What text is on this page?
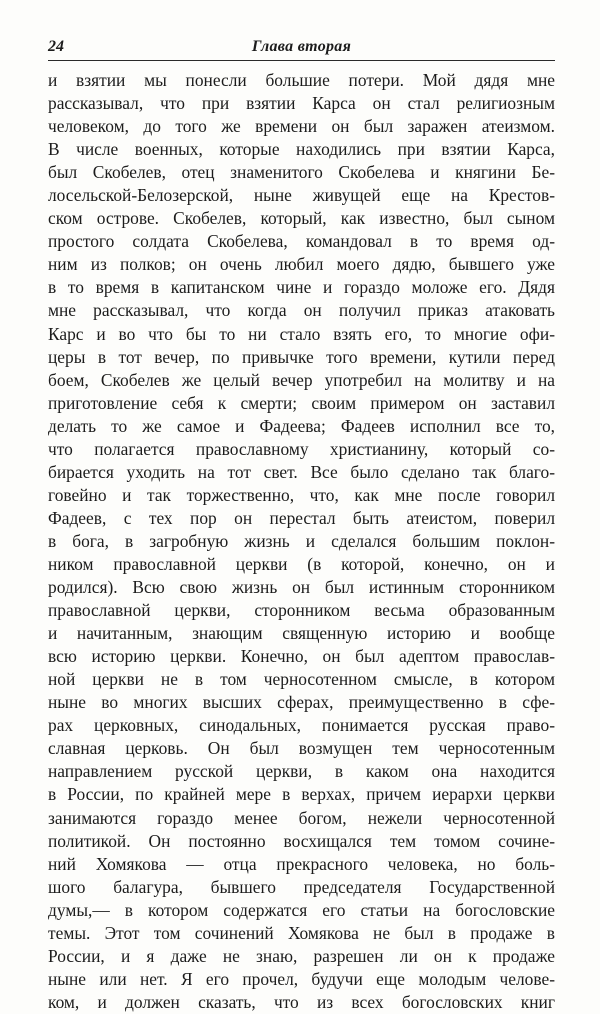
24	Глава вторая
и взятии мы понесли большие потери. Мой дядя мне
рассказывал, что при взятии Карса он стал религиозным
человеком, до того же времени он был заражен атеизмом.
В числе военных, которые находились при взятии Карса,
был Скобелев, отец знаменитого Скобелева и княгини Бе-
лосельской-Белозерской, ныне живущей еще на Крестов-
ском острове. Скобелев, который, как известно, был сыном
простого солдата Скобелева, командовал в то время од-
ним из полков; он очень любил моего дядю, бывшего уже
в то время в капитанском чине и гораздо моложе его. Дядя
мне рассказывал, что когда он получил приказ атаковать
Карс и во что бы то ни стало взять его, то многие офи-
церы в тот вечер, по привычке того времени, кутили перед
боем, Скобелев же целый вечер употребил на молитву и на
приготовление себя к смерти; своим примером он заставил
делать то же самое и Фадеева; Фадеев исполнил все то,
что полагается православному христианину, который со-
бирается уходить на тот свет. Все было сделано так благо-
говейно и так торжественно, что, как мне после говорил
Фадеев, с тех пор он перестал быть атеистом, поверил
в бога, в загробную жизнь и сделался большим поклон-
ником православной церкви (в которой, конечно, он и
родился). Всю свою жизнь он был истинным сторонником
православной церкви, сторонником весьма образованным
и начитанным, знающим священную историю и вообще
всю историю церкви. Конечно, он был адептом православ-
ной церкви не в том черносотенном смысле, в котором
ныне во многих высших сферах, преимущественно в сфе-
рах церковных, синодальных, понимается русская право-
славная церковь. Он был возмущен тем черносотенным
направлением русской церкви, в каком она находится
в России, по крайней мере в верхах, причем иерархи церкви
занимаются гораздо менее богом, нежели черносотенной
политикой. Он постоянно восхищался тем томом сочине-
ний Хомякова — отца прекрасного человека, но боль-
шого балагура, бывшего председателя Государственной
думы,— в котором содержатся его статьи на богословские
темы. Этот том сочинений Хомякова не был в продаже в
России, и я даже не знаю, разрешен ли он к продаже
ныне или нет. Я его прочел, будучи еще молодым челове-
ком, и должен сказать, что из всех богословских книг
